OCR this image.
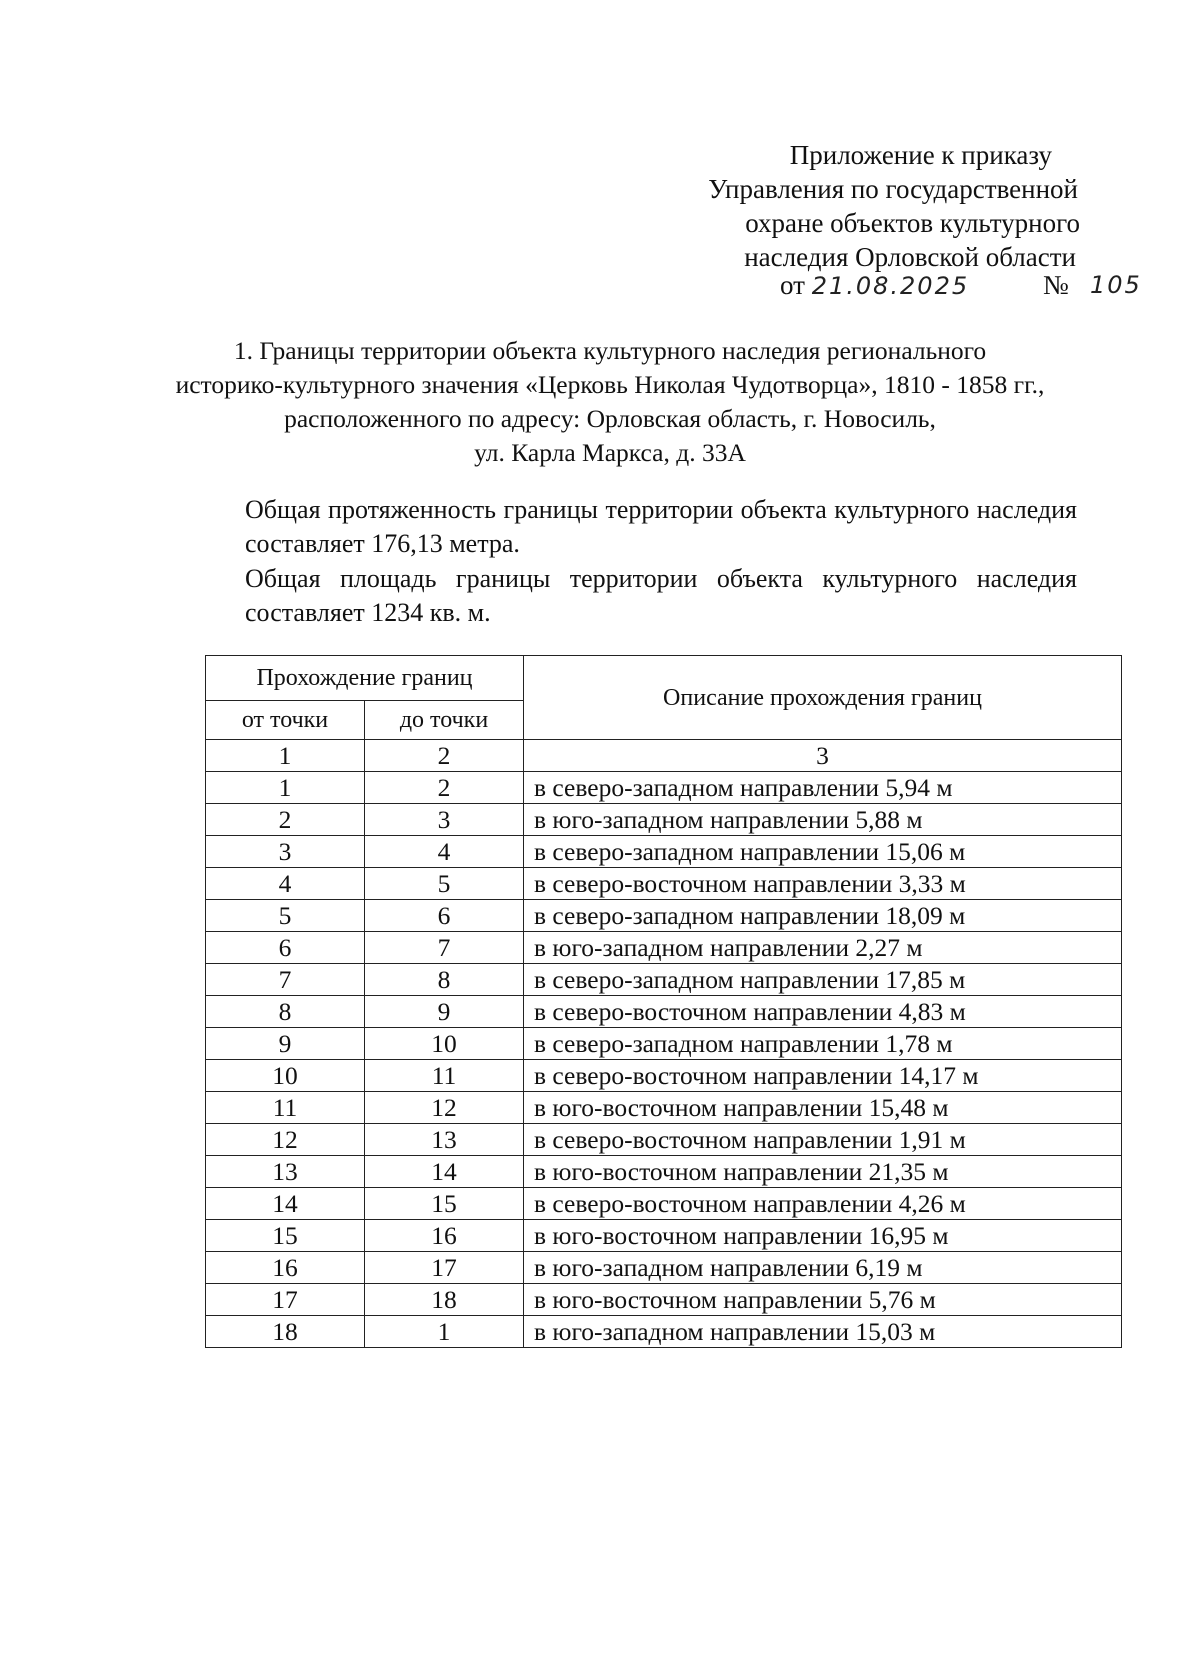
Приложение к приказу
Управления по государственной
охране объектов культурного
наследия Орловской области
от 21.08.2025	№ 105
1. Границы территории объекта культурного наследия регионального
историко-культурного значения «Церковь Николая Чудотворца», 1810 - 1858 гг.,
расположенного по адресу: Орловская область, г. Новосиль,
ул. Карла Маркса, д. 33А
Общая протяженность границы территории объекта культурного наследия составляет 176,13 метра.
Общая площадь границы территории объекта культурного наследия составляет 1234 кв. м.
Прохождение границ		Описание прохождения границ
от точки	до точки	
1	2	3
1	2	в северо-западном направлении 5,94 м
2	3	в юго-западном направлении 5,88 м
3	4	в северо-западном направлении 15,06 м
4	5	в северо-восточном направлении 3,33 м
5	6	в северо-западном направлении 18,09 м
6	7	в юго-западном направлении 2,27 м
7	8	в северо-западном направлении 17,85 м
8	9	в северо-восточном направлении 4,83 м
9	10	в северо-западном направлении 1,78 м
10	11	в северо-восточном направлении 14,17 м
11	12	в юго-восточном направлении 15,48 м
12	13	в северо-восточном направлении 1,91 м
13	14	в юго-восточном направлении 21,35 м
14	15	в северо-восточном направлении 4,26 м
15	16	в юго-восточном направлении 16,95 м
16	17	в юго-западном направлении 6,19 м
17	18	в юго-восточном направлении 5,76 м
18	1	в юго-западном направлении 15,03 м
